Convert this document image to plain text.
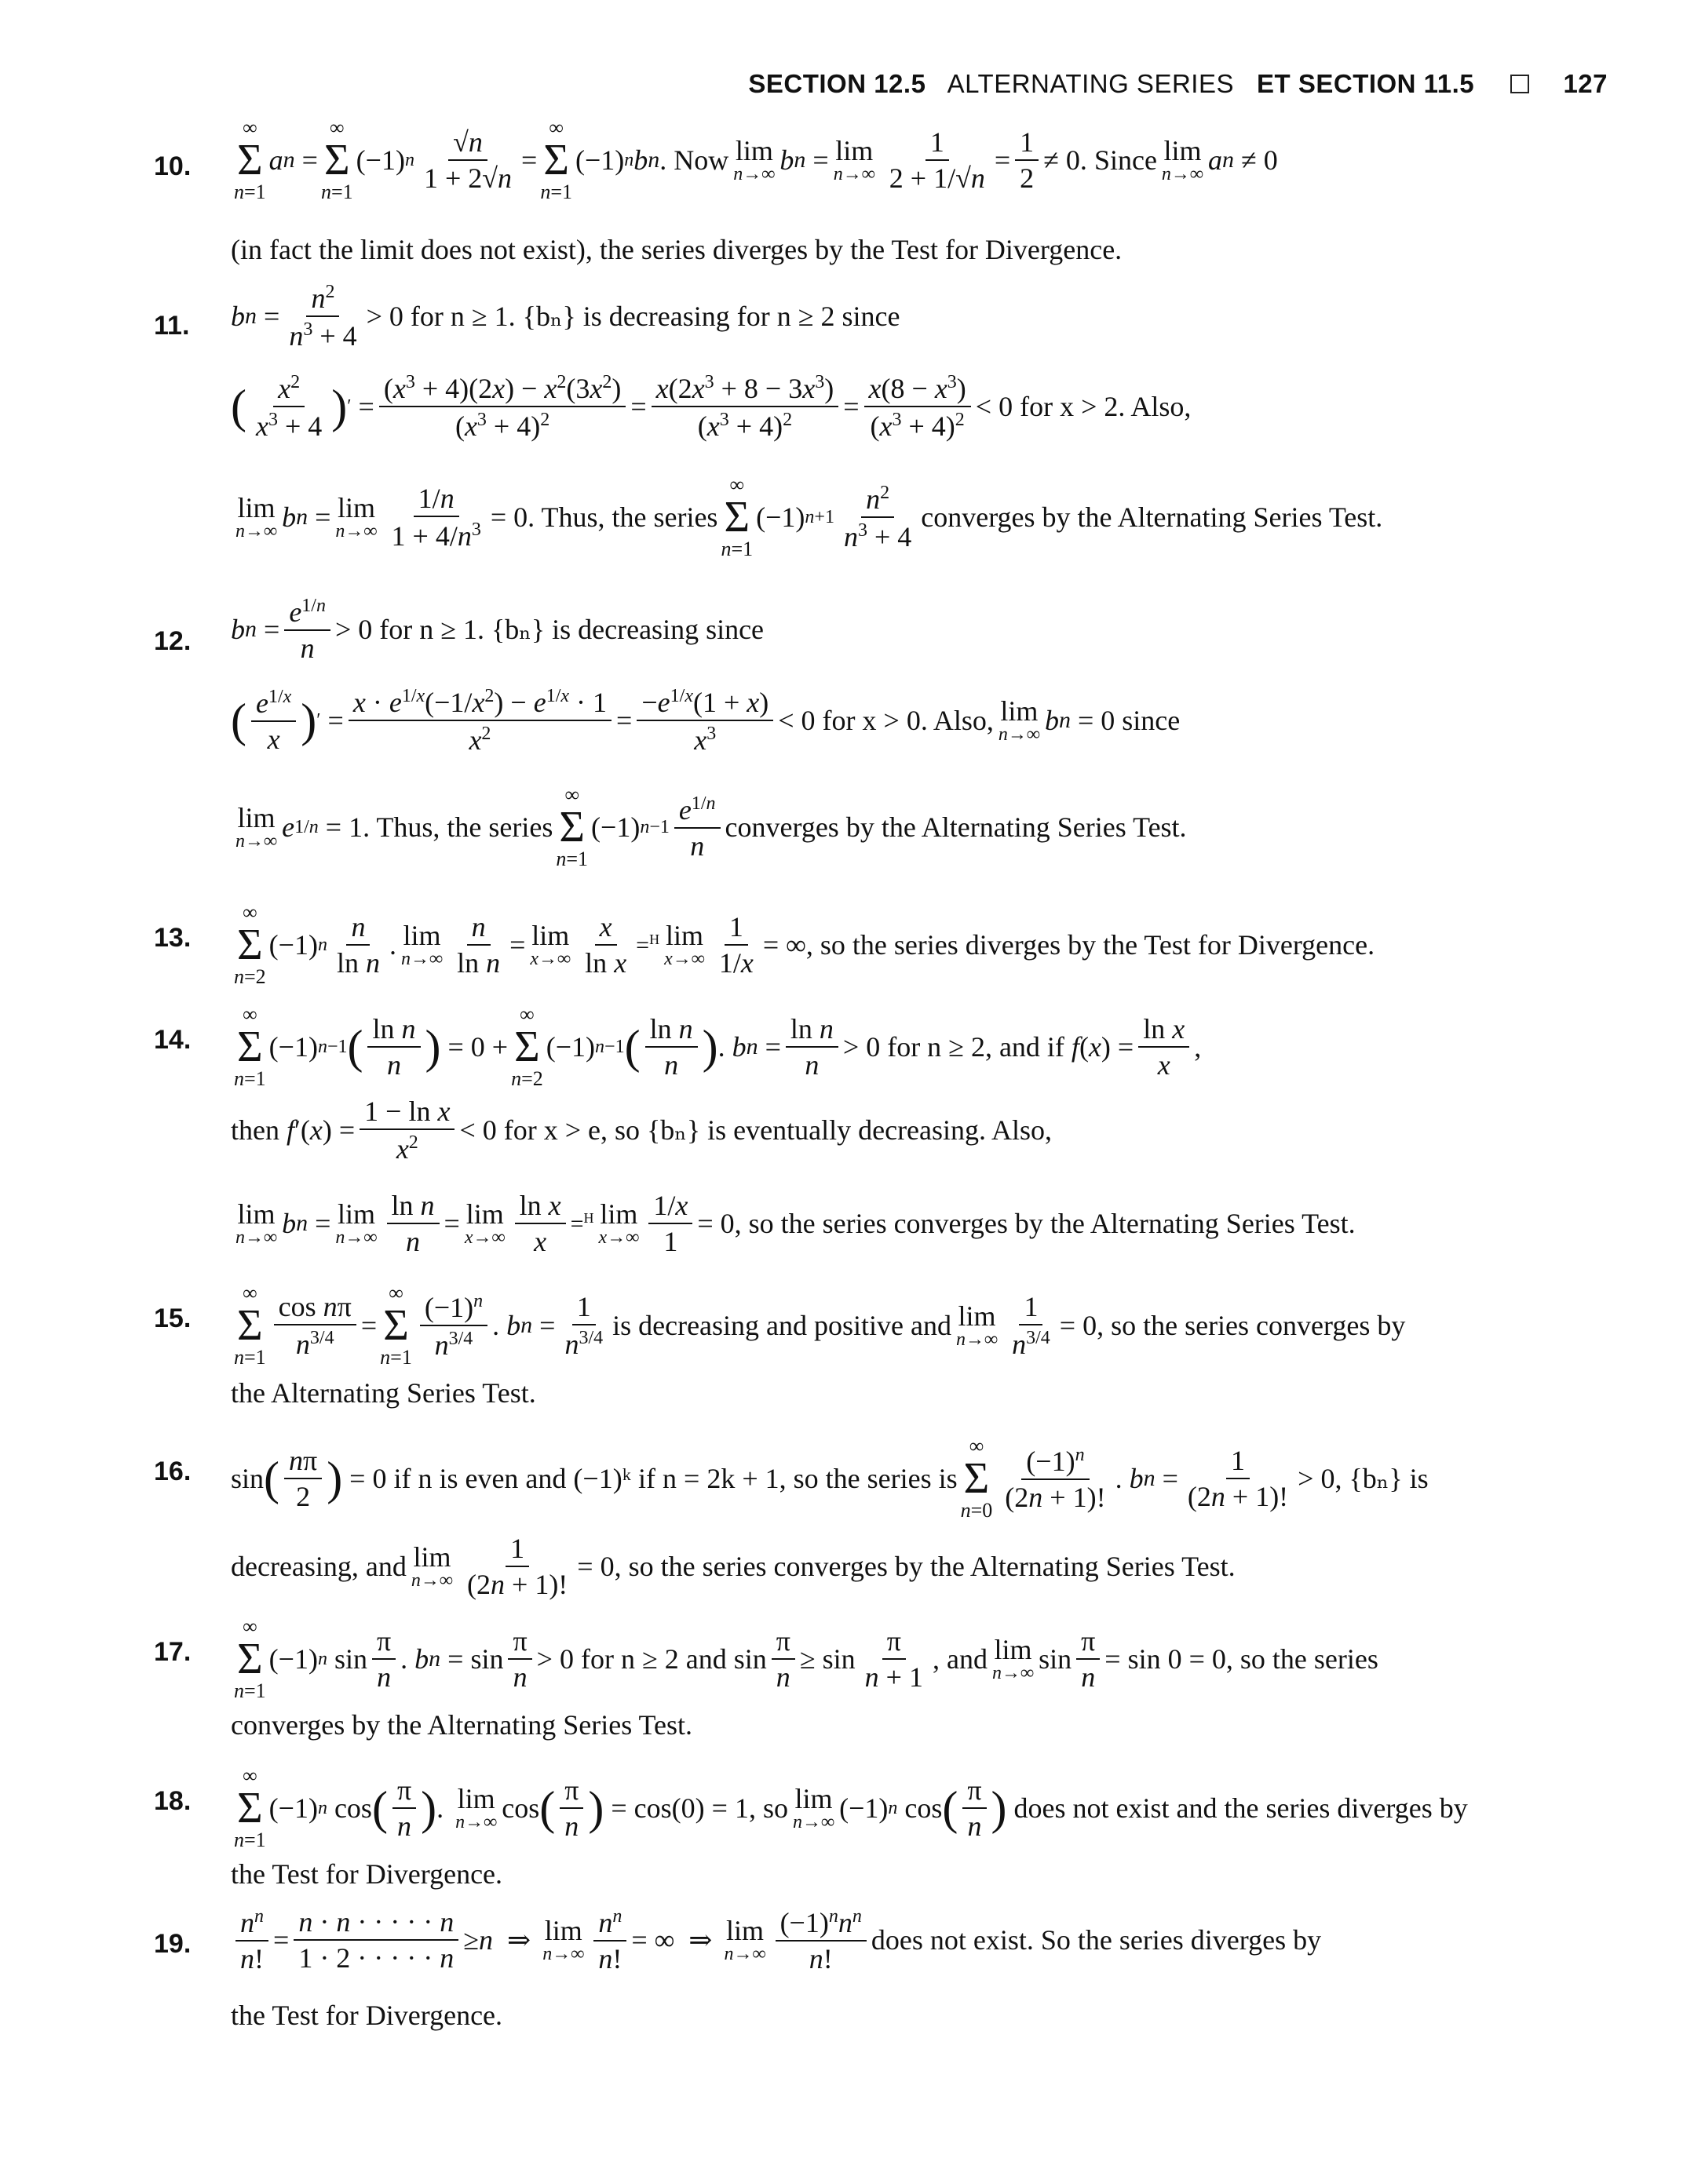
SECTION 12.5 ALTERNATING SERIES ET SECTION 11.5	127
10.
∞
Σ
n=1
a n =
∞
Σ
n=1
(−1) n $\frac{√n}{1 + 2√n}$ =
∞
Σ
n=1
(−1) n b n . Now lim
n→∞ b n = lim
$n\to\infty \frac{1}{2 + 1/√n} = \frac{1}{2} \ne 0$. Since lim
n→∞ a n ≠ 0
(in fact the limit does not exist), the series diverges by the Test for Divergence.
11. b $n = \frac{n^2}{n^3 + 4} > 0$ for n ≥ 1. {bₙ} is decreasing for n ≥ 2 since
( $\frac{x^2}{x^3 + 4}$ ) ′ = $\frac{(x^3 + 4)(2x) - x^2(3x^2)}{(x^3 + 4)^2} = \frac{x(2x^3 + 8 - 3x^3)}{(x^3 + 4)^2} = \frac{x(8 - x^3)}{(x^3 + 4)^2} < 0$ for x > 2. Also,
lim
n→∞ b n = lim
$n\to\infty \frac{1/n}{1 + 4/n^3} = 0$. Thus, the series
∞
Σ
n=1
(−1) $n+1 \frac{n^2}{n^3 + 4}$ converges by the Alternating Series Test.
12. b $n = \frac{e^{1/n}}{n} > 0$ for n ≥ 1. {bₙ} is decreasing since
( $\frac{e^{1/x}}{x}$ ) ′ = $\frac{x \cdot e^{1/x}(-1/x^2) - e^{1/x} \cdot 1}{x^2} = \frac{-e^{1/x}(1 + x)}{x^3} < 0$ for x > 0. Also, lim
n→∞ b n
= 0 since
lim
n→∞ e 1/n
= 1. Thus, the series
∞
Σ
n=1
(−1) $n-1 \frac{e^{1/n}}{n}$ converges by the Alternating Series Test.
13.
∞
Σ
n=2
(−1) n $\frac{n}{\text{ln n}}$ . lim
$n\to\infty \frac{n}{\text{ln n}} = \lim$
$x\to\infty \frac{x}{\text{ln x}} =^H$ lim
$x\to\infty \frac{1}{1/x}$ = ∞, so the series diverges by the Test for Divergence.
14.
∞
Σ
n=1
(−1) n−1 ( $\frac{\text{ln n}}{n}$ ) = 0 +
∞
Σ
n=2
(−1) n−1 ( $\frac{\text{ln n}}{n}$ ) . b $n = \frac{\text{ln n}}{n} > 0$ for n ≥ 2, and if
f ( x ) = $\frac{\text{ln x}}{x}$ ,
then
f ′( x ) = $\frac{\text{1 − ln x}}{x^2} < 0$ for x > e, so {bₙ} is eventually decreasing. Also,
lim
n→∞ b n = lim
$n\to\infty \frac{\text{ln n}}{n} = \lim$
$x\to\infty \frac{\text{ln x}}{x} =^H$ lim
$x\to\infty \frac{1/x}{1} = 0$, so the series converges by the Alternating Series Test.
15.
∞
Σ
$n=1 \frac{\text{cos nπ}}{n^{3/4}}$ =
∞
Σ
$n=1 \frac{(-1)^n}{n^{3/4}}$ . b $n = \frac{1}{n^{3/4}}$ is decreasing and positive and lim
$n\to\infty \frac{1}{n^{3/4}} = 0$, so the series converges by
the Alternating Series Test.
16. sin ( $\frac{n\pi}{2}$ )
= 0 if n is even and (−1)ᵏ if n = 2k + 1, so the series is
∞
Σ
$n=0 \frac{(-1)^n}{(2n + 1)!}$ . b $n = \frac{1}{(2n + 1)!} > 0$, {bₙ} is
decreasing, and lim
$n\to\infty \frac{1}{(2n + 1)!} = 0$, so the series converges by the Alternating Series Test.
17.
∞
Σ
n=1
(−1) n $\sin \frac{\pi}{n}$ . b $n = \sin \frac{\pi}{n} > 0$ for n ≥ 2 and $\sin \frac{\pi}{n} \ge \sin \frac{\pi}{n + 1}$ , and lim
n→∞ $\sin \frac{\pi}{n} = \sin 0 = 0$, so the series
converges by the Alternating Series Test.
18.
∞
Σ
n=1
(−1) n cos ( $\frac{\pi}{n}$ ) . lim
n→∞ cos ( $\frac{\pi}{n}$ )
= cos(0) = 1, so lim
n→∞ (−1) n cos ( $\frac{\pi}{n}$ )
does not exist and the series diverges by
the Test for Divergence.
19. $\frac{n^n}{n!} = \frac{n \cdot n \cdot \cdot \cdot \cdot \cdot n}{1 \cdot 2 \cdot \cdot \cdot \cdot \cdot n} \ge n$ ⇒ lim
$n\to\infty \frac{n^n}{n!}$ = ∞  ⇒ lim
$n\to\infty \frac{(-1)^nn^n}{n!}$ does not exist. So the series diverges by
the Test for Divergence.
